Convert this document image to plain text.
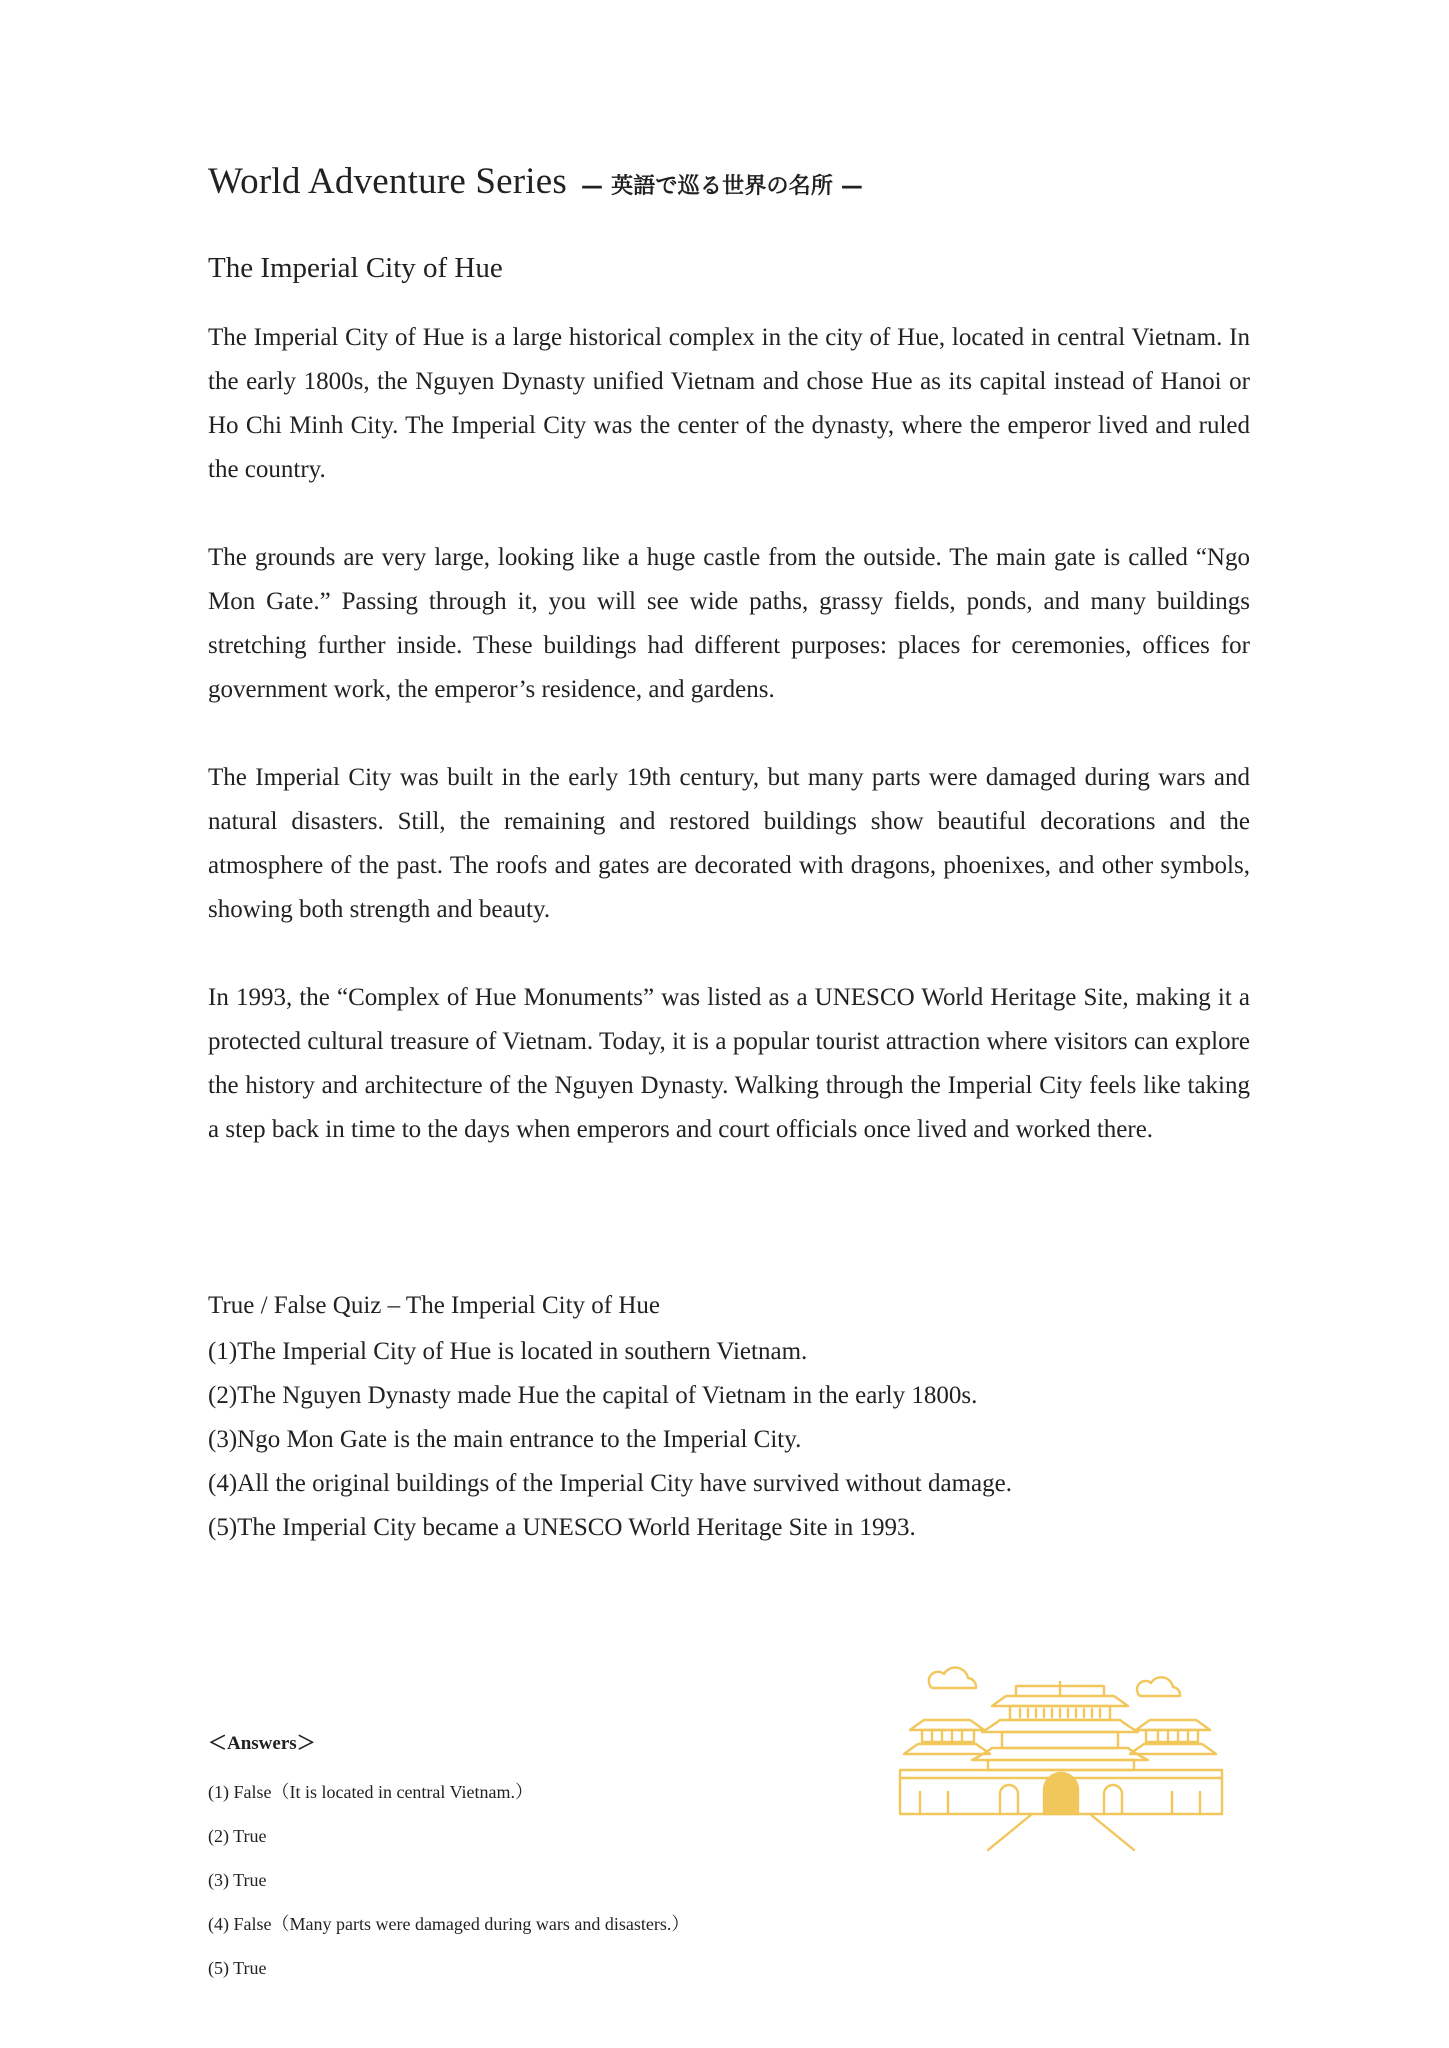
World Adventure Series — 英語で巡る世界の名所 —
The Imperial City of Hue

The Imperial City of Hue is a large historical complex in the city of Hue, located in central Vietnam. In the early 1800s, the Nguyen Dynasty unified Vietnam and chose Hue as its capital instead of Hanoi or Ho Chi Minh City. The Imperial City was the center of the dynasty, where the emperor lived and ruled the country.

The grounds are very large, looking like a huge castle from the outside. The main gate is called “Ngo Mon Gate.” Passing through it, you will see wide paths, grassy fields, ponds, and many buildings stretching further inside. These buildings had different purposes: places for ceremonies, offices for government work, the emperor’s residence, and gardens.

The Imperial City was built in the early 19th century, but many parts were damaged during wars and natural disasters. Still, the remaining and restored buildings show beautiful decorations and the atmosphere of the past. The roofs and gates are decorated with dragons, phoenixes, and other symbols, showing both strength and beauty.

In 1993, the “Complex of Hue Monuments” was listed as a UNESCO World Heritage Site, making it a protected cultural treasure of Vietnam. Today, it is a popular tourist attraction where visitors can explore the history and architecture of the Nguyen Dynasty. Walking through the Imperial City feels like taking a step back in time to the days when emperors and court officials once lived and worked there.

True / False Quiz – The Imperial City of Hue
(1)The Imperial City of Hue is located in southern Vietnam.
(2)The Nguyen Dynasty made Hue the capital of Vietnam in the early 1800s.
(3)Ngo Mon Gate is the main entrance to the Imperial City.
(4)All the original buildings of the Imperial City have survived without damage.
(5)The Imperial City became a UNESCO World Heritage Site in 1993.
＜Answers＞
(1) False（It is located in central Vietnam.）
(2) True
(3) True
(4) False（Many parts were damaged during wars and disasters.）
(5) True
